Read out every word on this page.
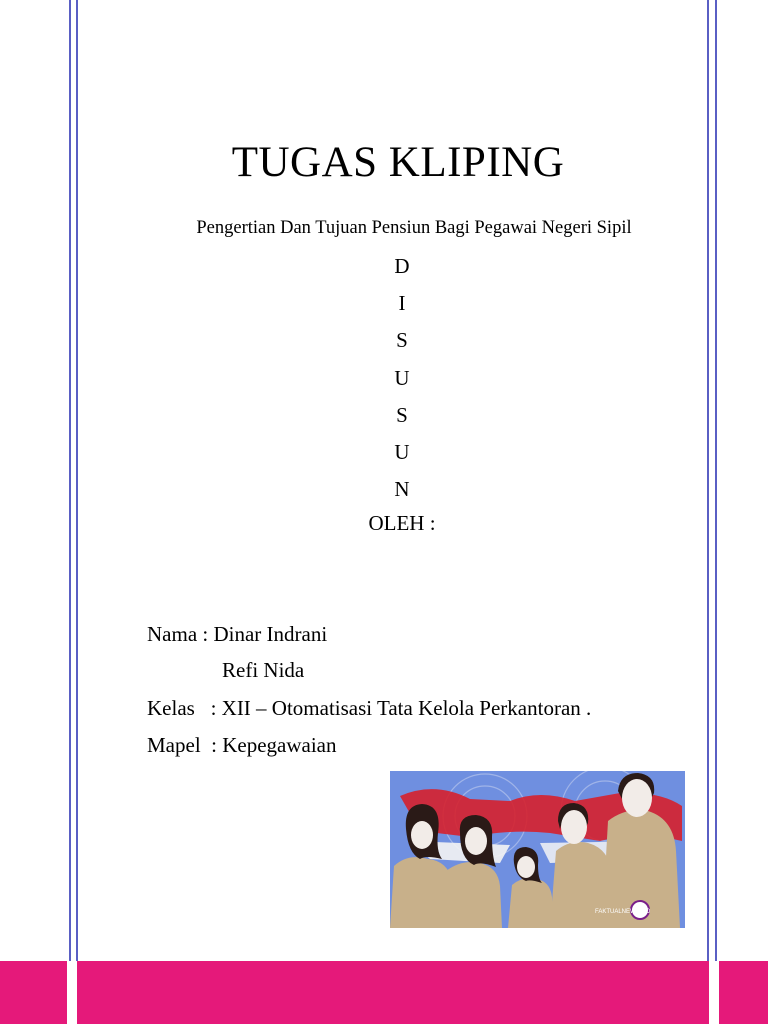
TUGAS KLIPING
Pengertian Dan Tujuan Pensiun Bagi Pegawai Negeri Sipil
D
I
S
U
S
U
N
OLEH :
Nama : Dinar Indrani
Refi Nida
Kelas   : XII – Otomatisasi Tata Kelola Perkantoran .
Mapel  : Kepegawaian
FAKTUALNEWS.CO
